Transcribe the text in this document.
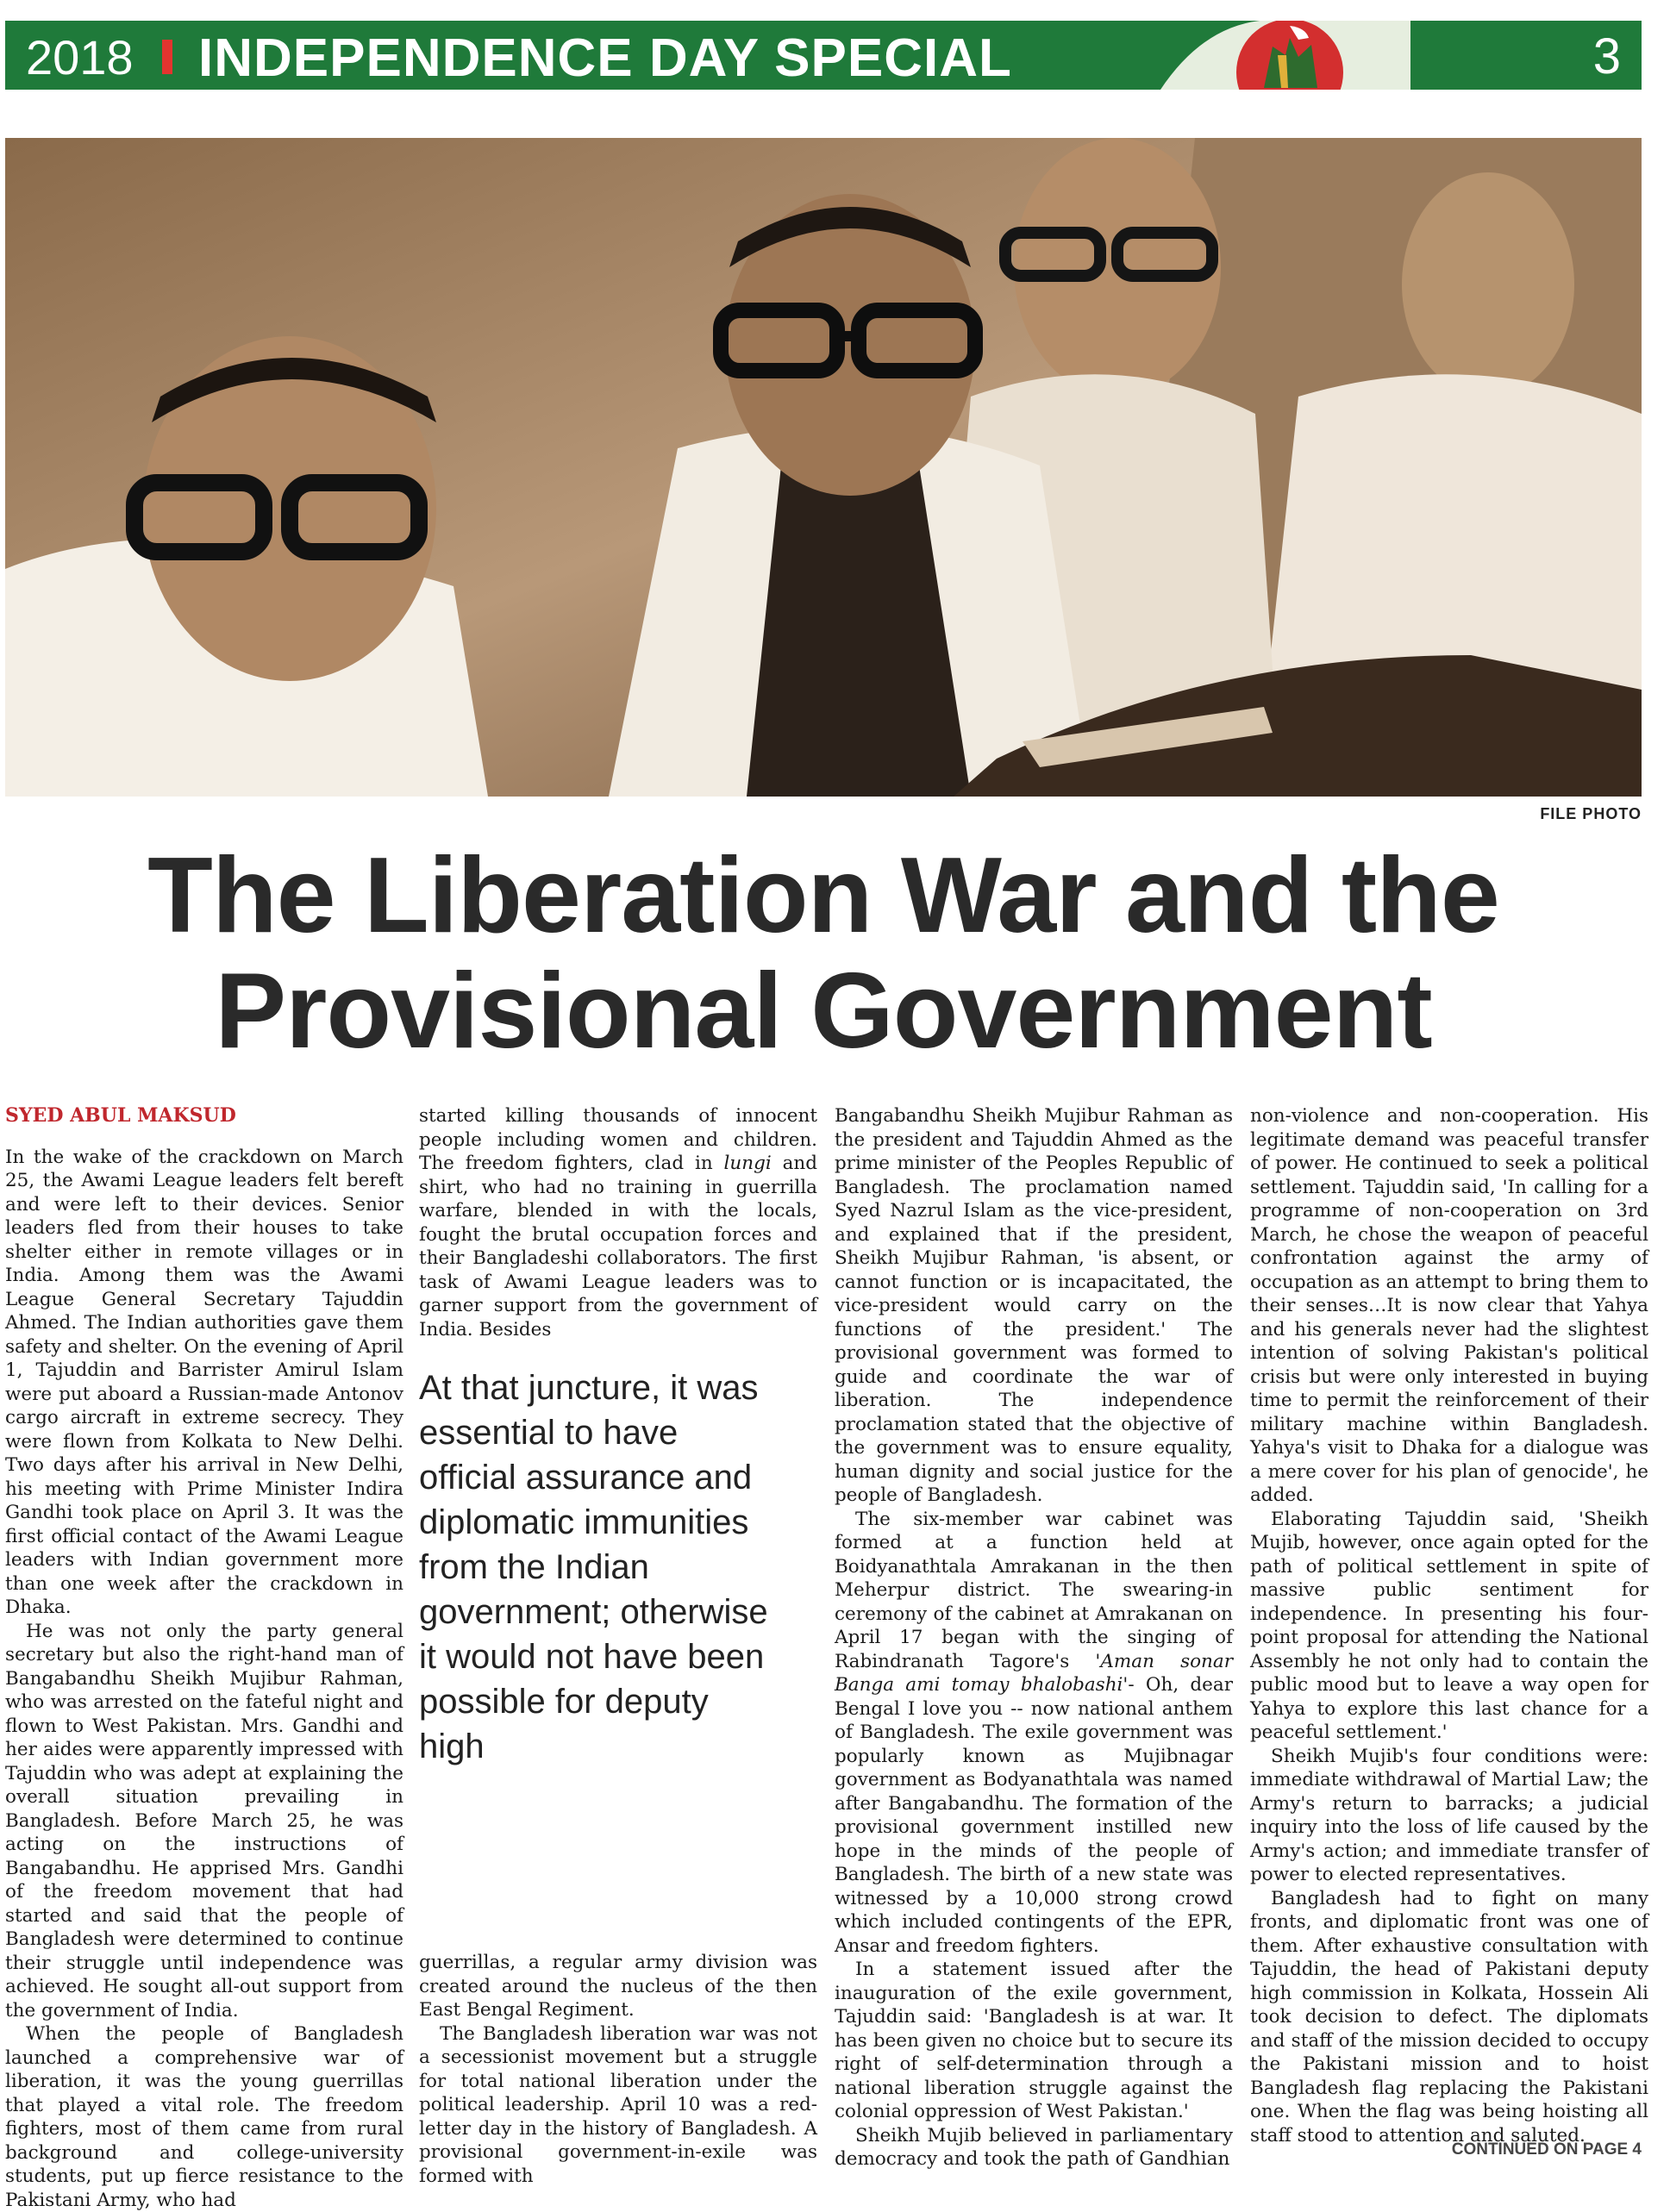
2018 INDEPENDENCE DAY SPECIAL	3
FILE PHOTO
The Liberation War and the
Provisional Government

SYED ABUL MAKSUD

In the wake of the crackdown on March 25, the Awami League leaders felt bereft and were left to their devices. Senior leaders fled from their houses to take shelter either in remote villages or in India. Among them was the Awami League General Secretary Tajuddin Ahmed. The Indian authorities gave them safety and shelter. On the evening of April 1, Tajuddin and Barrister Amirul Islam were put aboard a Russian-made Antonov cargo aircraft in extreme secrecy. They were flown from Kolkata to New Delhi. Two days after his arrival in New Delhi, his meeting with Prime Minister Indira Gandhi took place on April 3. It was the first official contact of the Awami League leaders with Indian government more than one week after the crackdown in Dhaka.

He was not only the party general secretary but also the right-hand man of Bangabandhu Sheikh Mujibur Rahman, who was arrested on the fateful night and flown to West Pakistan. Mrs. Gandhi and her aides were apparently impressed with Tajuddin who was adept at explaining the overall situation prevailing in Bangladesh. Before March 25, he was acting on the instructions of Bangabandhu. He apprised Mrs. Gandhi of the freedom movement that had started and said that the people of Bangladesh were determined to continue their struggle until independence was achieved. He sought all-out support from the government of India.

When the people of Bangladesh launched a comprehensive war of liberation, it was the young guerrillas that played a vital role. The freedom fighters, most of them came from rural background and college-university students, put up fierce resistance to the Pakistani Army, who had

started killing thousands of innocent people including women and children. The freedom fighters, clad in lungi and shirt, who had no training in guerrilla warfare, blended in with the locals, fought the brutal occupation forces and their Bangladeshi collaborators. The first task of Awami League leaders was to garner support from the government of India. Besides

At that juncture, it was essential to have official assurance and diplomatic immunities from the Indian government; otherwise it would not have been possible for deputy high

guerrillas, a regular army division was created around the nucleus of the then East Bengal Regiment.

The Bangladesh liberation war was not a secessionist movement but a struggle for total national liberation under the political leadership. April 10 was a red-letter day in the history of Bangladesh. A provisional government-in-exile was formed with

Bangabandhu Sheikh Mujibur Rahman as the president and Tajuddin Ahmed as the prime minister of the Peoples Republic of Bangladesh. The proclamation named Syed Nazrul Islam as the vice-president, and explained that if the president, Sheikh Mujibur Rahman, 'is absent, or cannot function or is incapacitated, the vice-president would carry on the functions of the president.' The provisional government was formed to guide and coordinate the war of liberation. The independence proclamation stated that the objective of the government was to ensure equality, human dignity and social justice for the people of Bangladesh.

The six-member war cabinet was formed at a function held at Boidyanathtala Amrakanan in the then Meherpur district. The swearing-in ceremony of the cabinet at Amrakanan on April 17 began with the singing of Rabindranath Tagore's 'Aman sonar Banga ami tomay bhalobashi'- Oh, dear Bengal I love you -- now national anthem of Bangladesh. The exile government was popularly known as Mujibnagar government as Bodyanathtala was named after Bangabandhu. The formation of the provisional government instilled new hope in the minds of the people of Bangladesh. The birth of a new state was witnessed by a 10,000 strong crowd which included contingents of the EPR, Ansar and freedom fighters.

In a statement issued after the inauguration of the exile government, Tajuddin said: 'Bangladesh is at war. It has been given no choice but to secure its right of self-determination through a national liberation struggle against the colonial oppression of West Pakistan.'

Sheikh Mujib believed in parliamentary democracy and took the path of Gandhian

non-violence and non-cooperation. His legitimate demand was peaceful transfer of power. He continued to seek a political settlement. Tajuddin said, 'In calling for a programme of non-cooperation on 3rd March, he chose the weapon of peaceful confrontation against the army of occupation as an attempt to bring them to their senses…It is now clear that Yahya and his generals never had the slightest intention of solving Pakistan's political crisis but were only interested in buying time to permit the reinforcement of their military machine within Bangladesh. Yahya's visit to Dhaka for a dialogue was a mere cover for his plan of genocide', he added.

Elaborating Tajuddin said, 'Sheikh Mujib, however, once again opted for the path of political settlement in spite of massive public sentiment for independence. In presenting his four-point proposal for attending the National Assembly he not only had to contain the public mood but to leave a way open for Yahya to explore this last chance for a peaceful settlement.'

Sheikh Mujib's four conditions were: immediate withdrawal of Martial Law; the Army's return to barracks; a judicial inquiry into the loss of life caused by the Army's action; and immediate transfer of power to elected representatives.

Bangladesh had to fight on many fronts, and diplomatic front was one of them. After exhaustive consultation with Tajuddin, the head of Pakistani deputy high commission in Kolkata, Hossein Ali took decision to defect. The diplomats and staff of the mission decided to occupy the Pakistani mission and to hoist Bangladesh flag replacing the Pakistani one. When the flag was being hoisting all staff stood to attention and saluted.

CONTINUED ON PAGE 4
